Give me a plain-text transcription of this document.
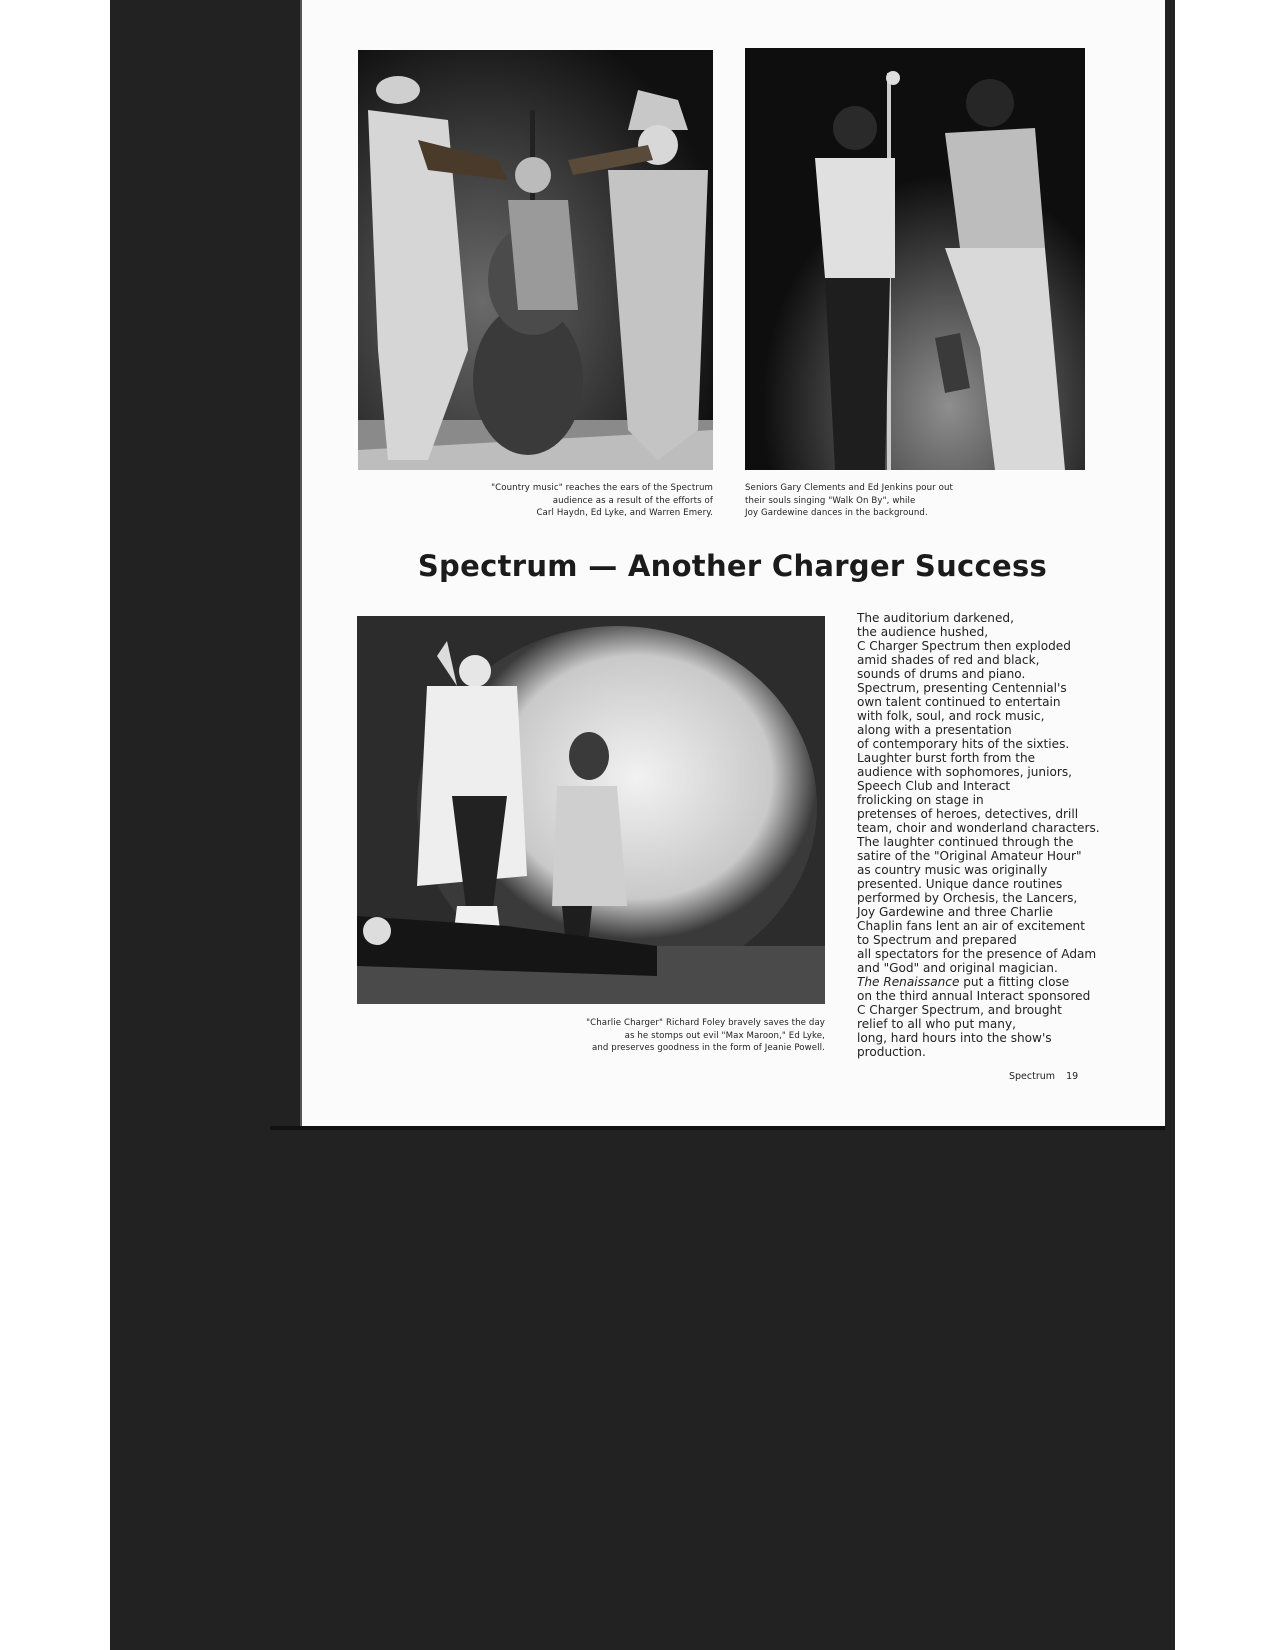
"Country music" reaches the ears of the Spectrum
audience as a result of the efforts of
Carl Haydn, Ed Lyke, and Warren Emery.
Seniors Gary Clements and Ed Jenkins pour out
their souls singing "Walk On By", while
Joy Gardewine dances in the background.
Spectrum — Another Charger Success
"Charlie Charger" Richard Foley bravely saves the day
as he stomps out evil "Max Maroon," Ed Lyke,
and preserves goodness in the form of Jeanie Powell.
The auditorium darkened,
the audience hushed,
C Charger Spectrum then exploded
amid shades of red and black,
sounds of drums and piano.
Spectrum, presenting Centennial's
own talent continued to entertain
with folk, soul, and rock music,
along with a presentation
of contemporary hits of the sixties.
Laughter burst forth from the
audience with sophomores, juniors,
Speech Club and Interact
frolicking on stage in
pretenses of heroes, detectives, drill
team, choir and wonderland characters.
The laughter continued through the
satire of the "Original Amateur Hour"
as country music was originally
presented. Unique dance routines
performed by Orchesis, the Lancers,
Joy Gardewine and three Charlie
Chaplin fans lent an air of excitement
to Spectrum and prepared
all spectators for the presence of Adam
and "God" and original magician.
The Renaissance put a fitting close
on the third annual Interact sponsored
C Charger Spectrum, and brought
relief to all who put many,
long, hard hours into the show's
production.
Spectrum 19
